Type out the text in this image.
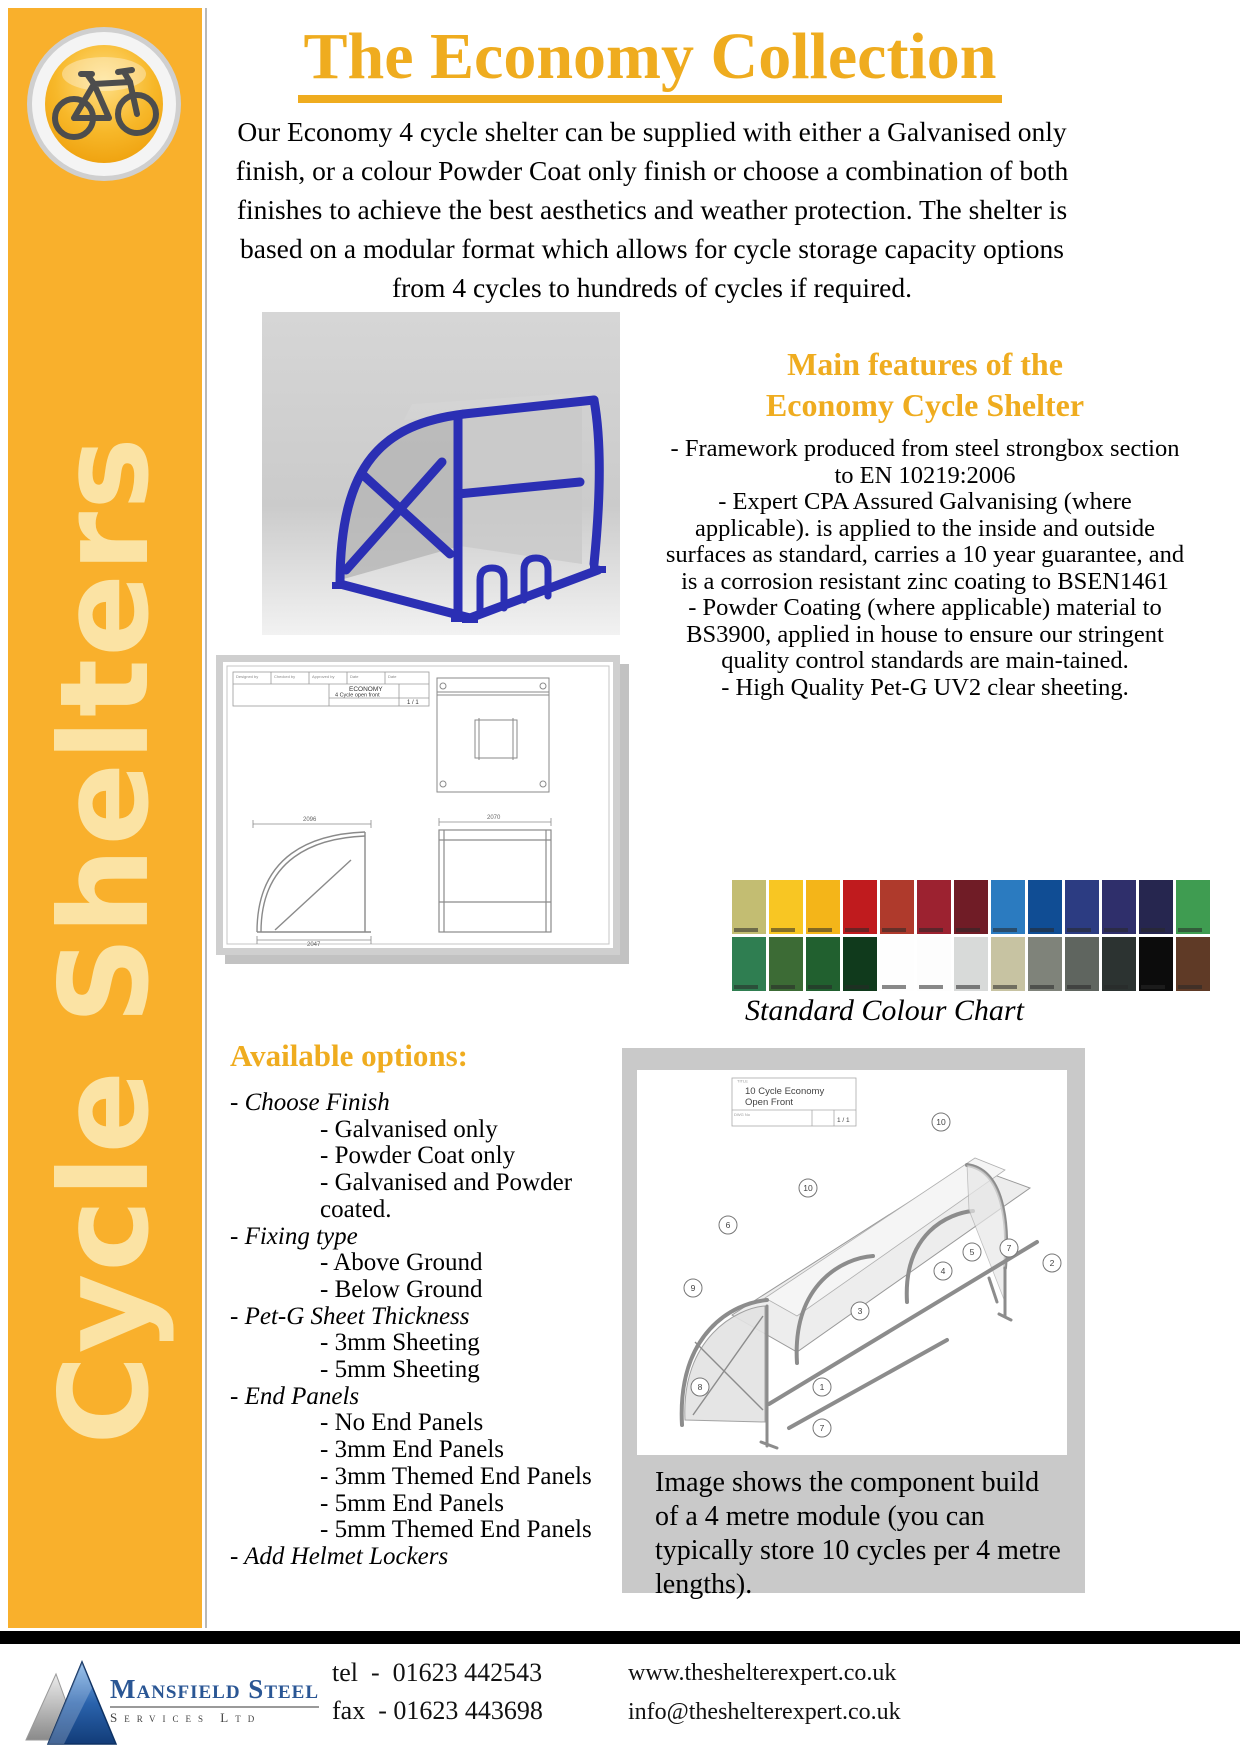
Cycle Shelters
The Economy Collection
Our Economy 4 cycle shelter can be supplied with either a Galvanised only finish, or a colour Powder Coat only finish or choose a combination of both finishes to achieve the best aesthetics and weather protection. The shelter is based on a modular format which allows for cycle storage capacity options from 4 cycles to hundreds of cycles if required.
Main features of the
Economy Cycle Shelter

- Framework produced from steel strongbox section to EN 10219:2006

- Expert CPA Assured Galvanising (where applicable). is applied to the inside and outside surfaces as standard, carries a 10 year guarantee, and is a corrosion resistant zinc coating to BSEN1461

- Powder Coating (where applicable) material to BS3900, applied in house to ensure our stringent quality control standards are main-tained.

- High Quality Pet-G UV2 clear sheeting.

Designed by	Checked by	Approved by	Date	Date
ECONOMY
4 Cycle open front
1 / 1
2096
2047
2070
Standard Colour Chart
Available options:
- Choose Finish
- Galvanised only
- Powder Coat only
- Galvanised and Powder coated.
- Fixing type
- Above Ground
- Below Ground
- Pet-G Sheet Thickness
- 3mm Sheeting
- 5mm Sheeting
- End Panels
- No End Panels
- 3mm End Panels
- 3mm Themed End Panels
- 5mm End Panels
- 5mm Themed End Panels
- Add Helmet Lockers
TITLE
10 Cycle Economy
Open Front
DWG No
1 / 1	10
10
6
9
5
4
7
2
3
8	1
7
Image shows the component build of a 4 metre module (you can typically store 10 cycles per 4 metre lengths).
Mansfield Steel
Services Ltd
tel  -  01623 442543
fax  - 01623 443698
www.theshelterexpert.co.uk
info@theshelterexpert.co.uk
